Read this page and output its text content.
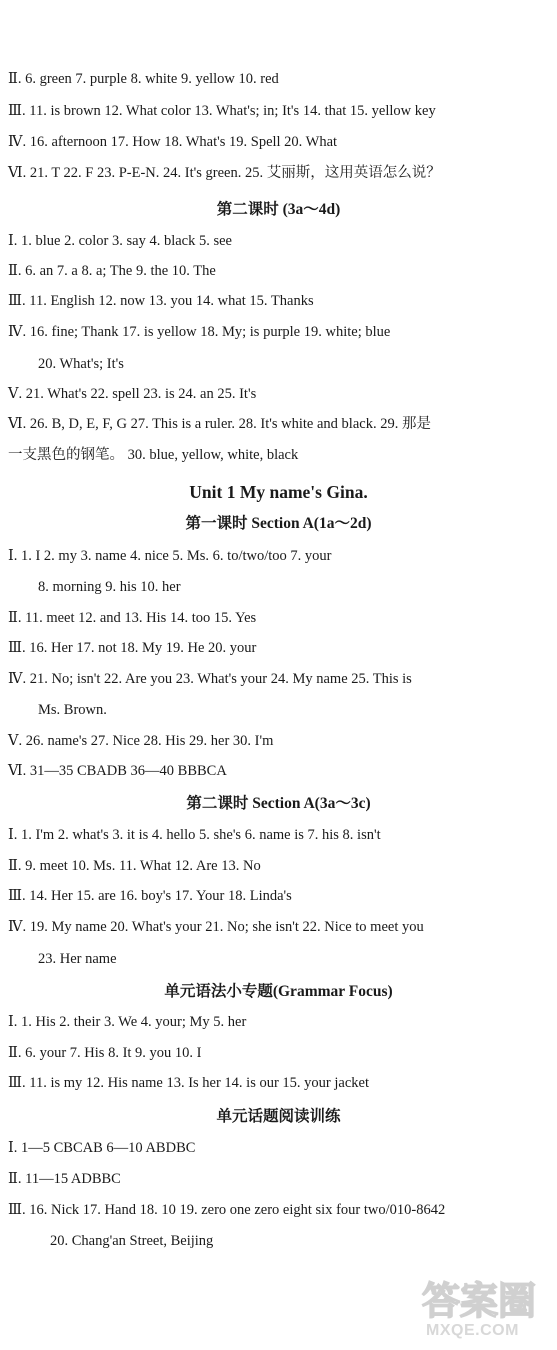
Ⅱ. 6. green 7. purple 8. white 9. yellow 10. red
Ⅲ. 11. is brown 12. What color 13. What's; in; It's 14. that 15. yellow key
Ⅳ. 16. afternoon 17. How 18. What's 19. Spell 20. What
Ⅵ. 21. T 22. F 23. P-E-N. 24. It's green. 25. 艾丽斯，这用英语怎么说？
第二课时 (3a～4d)
Ⅰ. 1. blue 2. color 3. say 4. black 5. see
Ⅱ. 6. an 7. a 8. a; The 9. the 10. The
Ⅲ. 11. English 12. now 13. you 14. what 15. Thanks
Ⅳ. 16. fine; Thank 17. is yellow 18. My; is purple 19. white; blue
20. What's; It's
Ⅴ. 21. What's 22. spell 23. is 24. an 25. It's
Ⅵ. 26. B, D, E, F, G 27. This is a ruler. 28. It's white and black. 29. 那是
一支黑色的钢笔。 30. blue, yellow, white, black
Unit 1 My name's Gina.
第一课时 Section A(1a～2d)
Ⅰ. 1. I 2. my 3. name 4. nice 5. Ms. 6. to/two/too 7. your
8. morning 9. his 10. her
Ⅱ. 11. meet 12. and 13. His 14. too 15. Yes
Ⅲ. 16. Her 17. not 18. My 19. He 20. your
Ⅳ. 21. No; isn't 22. Are you 23. What's your 24. My name 25. This is
Ms. Brown.
Ⅴ. 26. name's 27. Nice 28. His 29. her 30. I'm
Ⅵ. 31—35 CBADB 36—40 BBBCA
第二课时 Section A(3a～3c)
Ⅰ. 1. I'm 2. what's 3. it is 4. hello 5. she's 6. name is 7. his 8. isn't
Ⅱ. 9. meet 10. Ms. 11. What 12. Are 13. No
Ⅲ. 14. Her 15. are 16. boy's 17. Your 18. Linda's
Ⅳ. 19. My name 20. What's your 21. No; she isn't 22. Nice to meet you
23. Her name
单元语法小专题(Grammar Focus)
Ⅰ. 1. His 2. their 3. We 4. your; My 5. her
Ⅱ. 6. your 7. His 8. It 9. you 10. I
Ⅲ. 11. is my 12. His name 13. Is her 14. is our 15. your jacket
单元话题阅读训练
Ⅰ. 1—5 CBCAB 6—10 ABDBC
Ⅱ. 11—15 ADBBC
Ⅲ. 16. Nick 17. Hand 18. 10 19. zero one zero eight six four two/010-8642
20. Chang'an Street, Beijing
答案圈
MXQE.COM
